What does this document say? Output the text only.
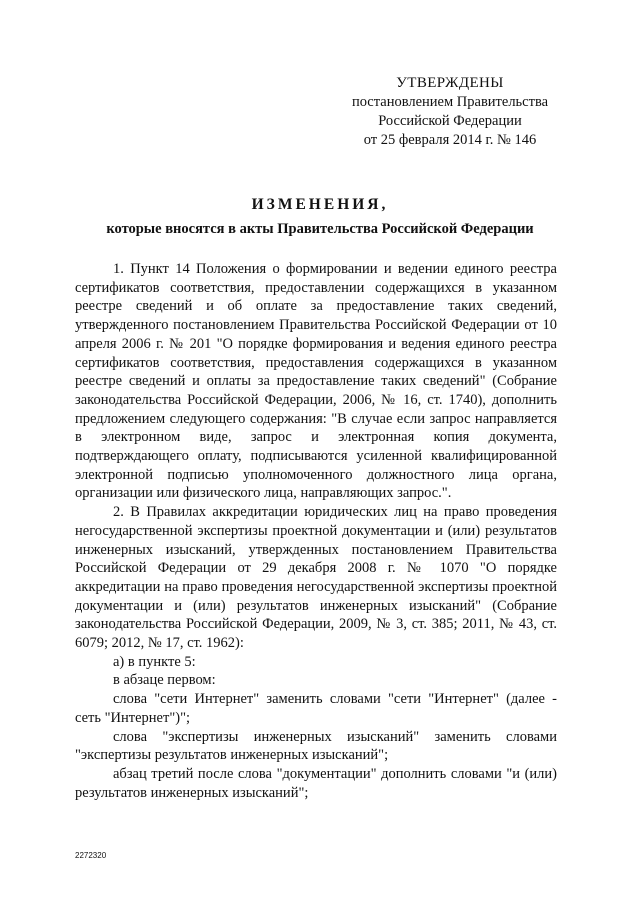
УТВЕРЖДЕНЫ
постановлением Правительства
Российской Федерации
от 25 февраля 2014 г. № 146
ИЗМЕНЕНИЯ,
которые вносятся в акты Правительства Российской Федерации

1. Пункт 14 Положения о формировании и ведении единого реестра сертификатов соответствия, предоставлении содержащихся в указанном реестре сведений и об оплате за предоставление таких сведений, утвержденного постановлением Правительства Российской Федерации от 10 апреля 2006 г. № 201 "О порядке формирования и ведения единого реестра сертификатов соответствия, предоставления содержащихся в указанном реестре сведений и оплаты за предоставление таких сведений" (Собрание законодательства Российской Федерации, 2006, № 16, ст. 1740), дополнить предложением следующего содержания: "В случае если запрос направляется в электронном виде, запрос и электронная копия документа, подтверждающего оплату, подписываются усиленной квалифицированной электронной подписью уполномоченного должностного лица органа, организации или физического лица, направляющих запрос.".

2. В Правилах аккредитации юридических лиц на право проведения негосударственной экспертизы проектной документации и (или) результатов инженерных изысканий, утвержденных постановлением Правительства Российской Федерации от 29 декабря 2008 г. № 1070 "О порядке аккредитации на право проведения негосударственной экспертизы проектной документации и (или) результатов инженерных изысканий" (Собрание законодательства Российской Федерации, 2009, № 3, ст. 385; 2011, № 43, ст. 6079; 2012, № 17, ст. 1962):

а) в пункте 5:

в абзаце первом:

слова "сети Интернет" заменить словами "сети "Интернет" (далее - сеть "Интернет")";

слова "экспертизы инженерных изысканий" заменить словами "экспертизы результатов инженерных изысканий";

абзац третий после слова "документации" дополнить словами "и (или) результатов инженерных изысканий";

2272320
